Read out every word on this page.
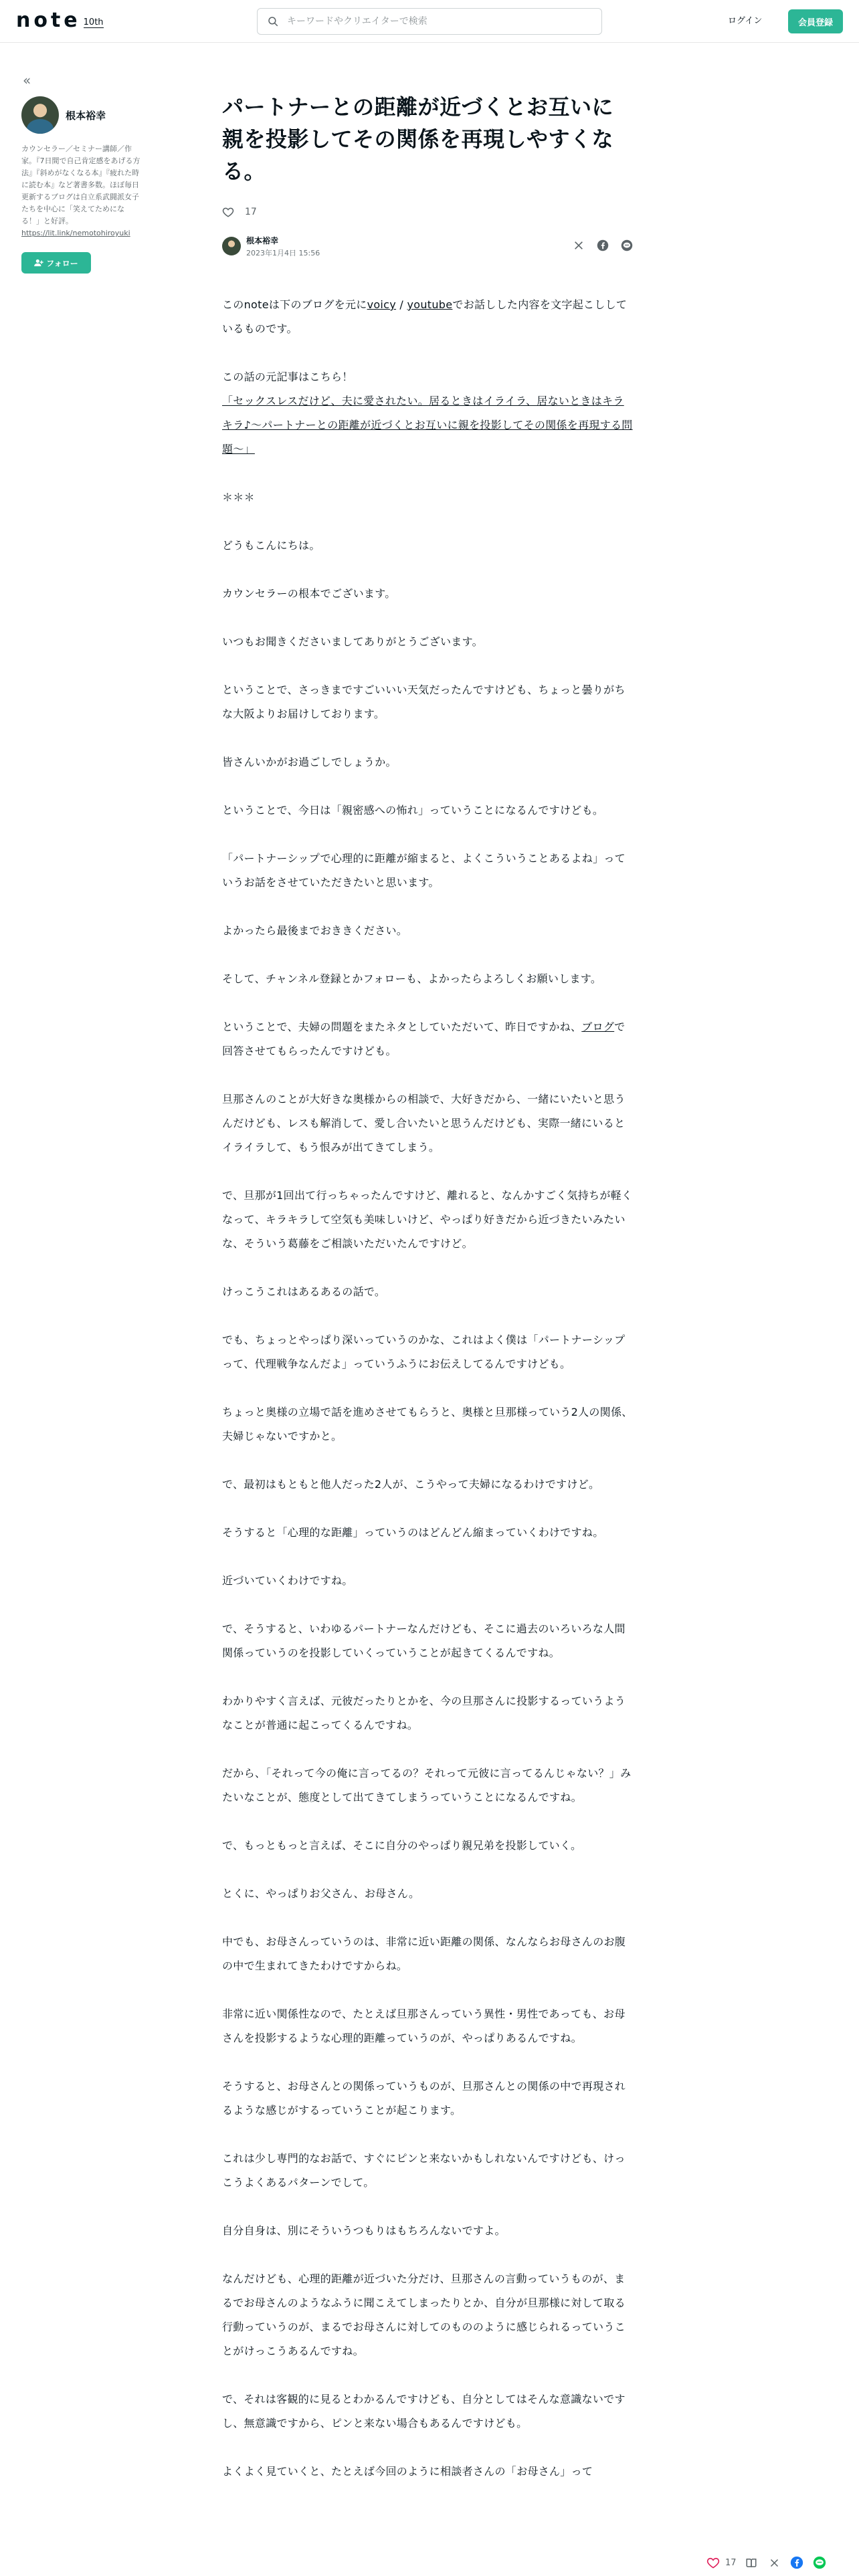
note 10th
キーワードやクリエイターで検索	ログイン	会員登録
«
根本裕幸

カウンセラー／セミナー講師／作家。『7日間で自己肯定感をあげる方法』『斜めがなくなる本』『疲れた時に読む本』など著書多数。ほぼ毎日更新するブログは自立系武闘派女子たちを中心に「笑えてためになる！」と好評。

https://lit.link/nemotohiroyuki
フォロー
パートナーとの距離が近づくとお互いに親を投影してその関係を再現しやすくなる。
17
根本裕幸
2023年1月4日 15:56

このnoteは下のブログを元にvoicy / youtubeでお話しした内容を文字起こししているものです。

この話の元記事はこちら！
「セックスレスだけど、夫に愛されたい。居るときはイライラ、居ないときはキラキラ♪〜パートナーとの距離が近づくとお互いに親を投影してその関係を再現する問題〜」

＊＊＊

どうもこんにちは。

カウンセラーの根本でございます。

いつもお聞きくださいましてありがとうございます。

ということで、さっきまですごいいい天気だったんですけども、ちょっと曇りがちな大阪よりお届けしております。

皆さんいかがお過ごしでしょうか。

ということで、今日は「親密感への怖れ」っていうことになるんですけども。

「パートナーシップで心理的に距離が縮まると、よくこういうことあるよね」っていうお話をさせていただきたいと思います。

よかったら最後までおききください。

そして、チャンネル登録とかフォローも、よかったらよろしくお願いします。

ということで、夫婦の問題をまたネタとしていただいて、昨日ですかね、ブログで回答させてもらったんですけども。

旦那さんのことが大好きな奥様からの相談で、大好きだから、一緒にいたいと思うんだけども、レスも解消して、愛し合いたいと思うんだけども、実際一緒にいるとイライラして、もう恨みが出てきてしまう。

で、旦那が1回出て行っちゃったんですけど、離れると、なんかすごく気持ちが軽くなって、キラキラして空気も美味しいけど、やっぱり好きだから近づきたいみたいな、そういう葛藤をご相談いただいたんですけど。

けっこうこれはあるあるの話で。

でも、ちょっとやっぱり深いっていうのかな、これはよく僕は「パートナーシップって、代理戦争なんだよ」っていうふうにお伝えしてるんですけども。

ちょっと奥様の立場で話を進めさせてもらうと、奥様と旦那様っていう2人の関係、夫婦じゃないですかと。

で、最初はもともと他人だった2人が、こうやって夫婦になるわけですけど。

そうすると「心理的な距離」っていうのはどんどん縮まっていくわけですね。

近づいていくわけですね。

で、そうすると、いわゆるパートナーなんだけども、そこに過去のいろいろな人間関係っていうのを投影していくっていうことが起きてくるんですね。

わかりやすく言えば、元彼だったりとかを、今の旦那さんに投影するっていうようなことが普通に起こってくるんですね。

だから、「それって今の俺に言ってるの？それって元彼に言ってるんじゃない？」みたいなことが、態度として出てきてしまうっていうことになるんですね。

で、もっともっと言えば、そこに自分のやっぱり親兄弟を投影していく。

とくに、やっぱりお父さん、お母さん。

中でも、お母さんっていうのは、非常に近い距離の関係、なんならお母さんのお腹の中で生まれてきたわけですからね。

非常に近い関係性なので、たとえば旦那さんっていう異性・男性であっても、お母さんを投影するような心理的距離っていうのが、やっぱりあるんですね。

そうすると、お母さんとの関係っていうものが、旦那さんとの関係の中で再現されるような感じがするっていうことが起こります。

これは少し専門的なお話で、すぐにピンと来ないかもしれないんですけども、けっこうよくあるパターンでして。

自分自身は、別にそういうつもりはもちろんないですよ。

なんだけども、心理的距離が近づいた分だけ、旦那さんの言動っていうものが、まるでお母さんのようなふうに聞こえてしまったりとか、自分が旦那様に対して取る行動っていうのが、まるでお母さんに対してのもののように感じられるっていうことがけっこうあるんですね。

で、それは客観的に見るとわかるんですけども、自分としてはそんな意識ないですし、無意識ですから、ピンと来ない場合もあるんですけども。

よくよく見ていくと、たとえば今回のように相談者さんの「お母さん」って

17
